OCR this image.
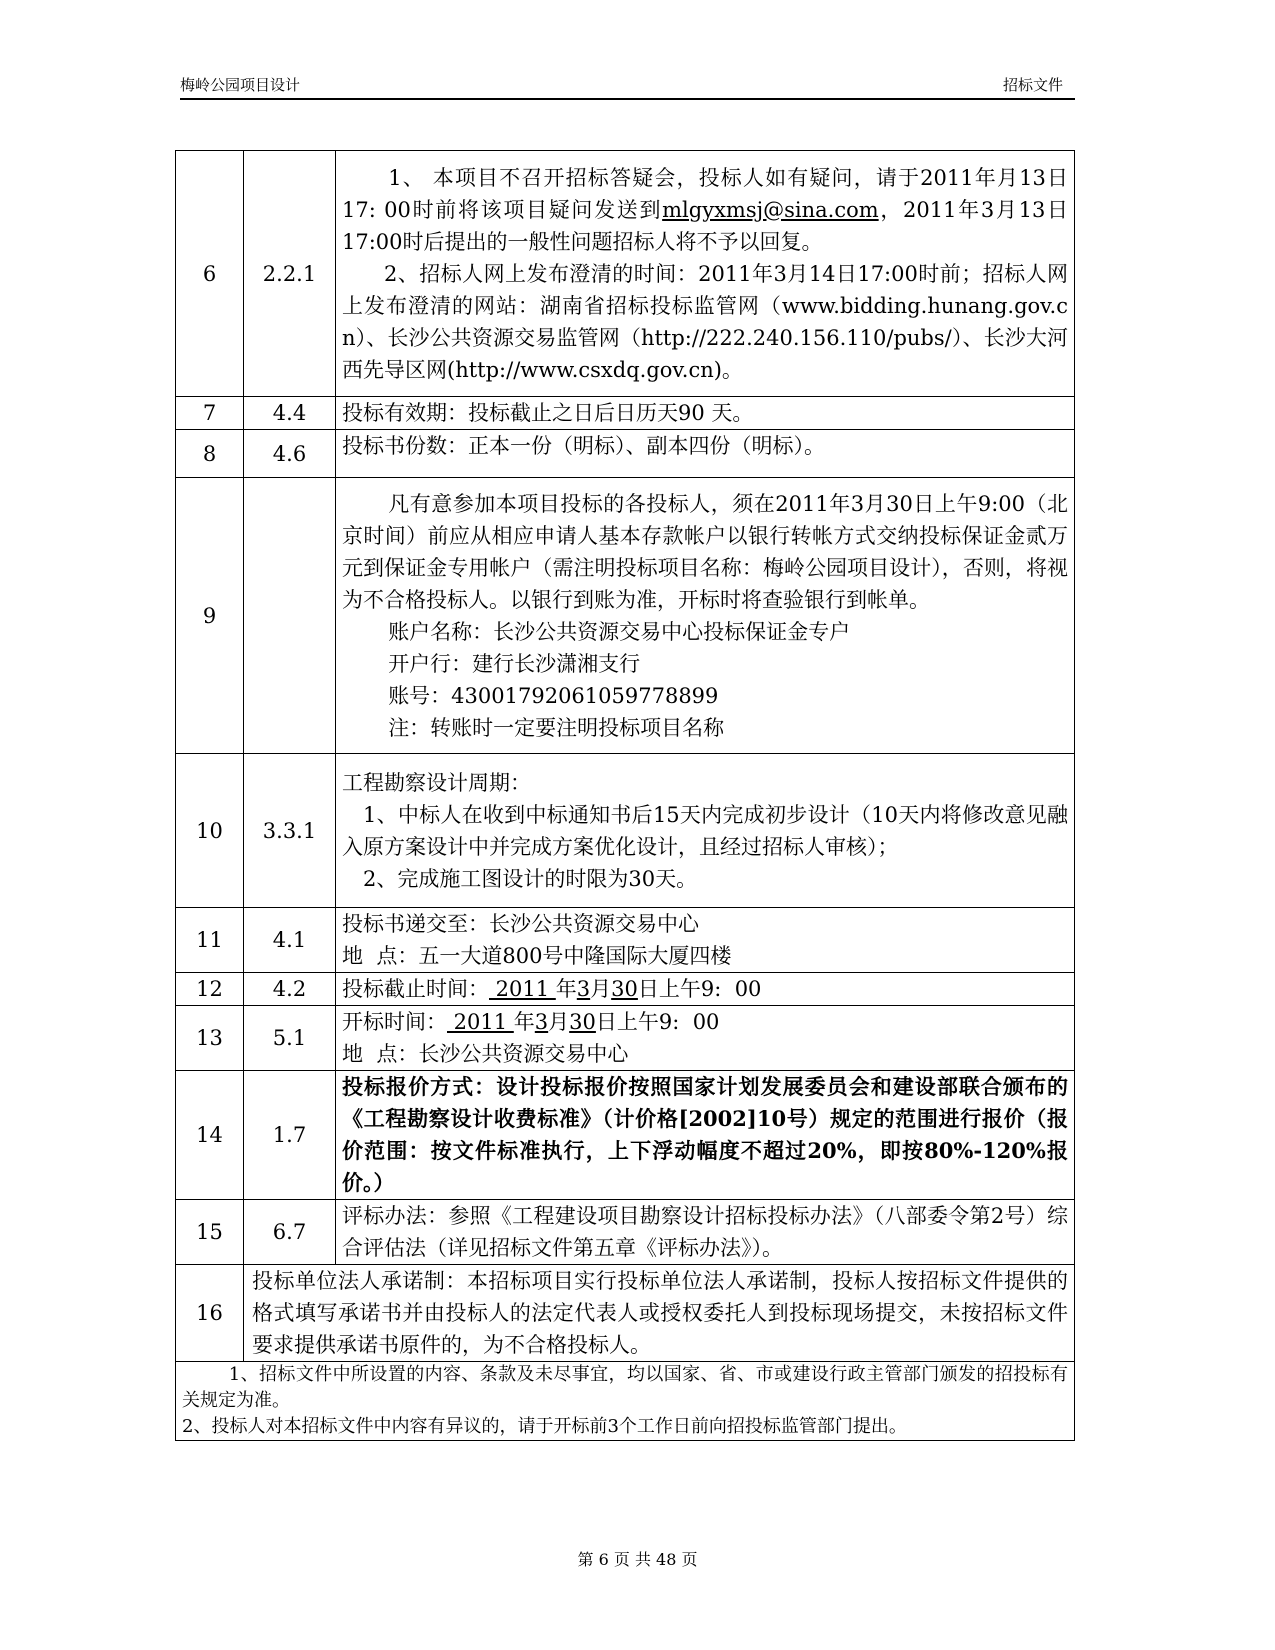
梅岭公园项目设计	招标文件
6	2.2.1	1、 本项目不召开招标答疑会，投标人如有疑问，请于2011年月13日17: 00时前将该项目疑问发送到mlgyxmsj@sina.com，2011年3月13日17:00时后提出的一般性问题招标人将不予以回复。
2、招标人网上发布澄清的时间：2011年3月14日17:00时前；招标人网上发布澄清的网站：湖南省招标投标监管网（www.bidding.hunang.gov.cn）、长沙公共资源交易监管网（http://222.240.156.110/pubs/）、长沙大河西先导区网(http://www.csxdq.gov.cn)。

7	4.4	投标有效期：投标截止之日后日历天90 天。
8	4.6	投标书份数：正本一份（明标）、副本四份（明标）。
9		凡有意参加本项目投标的各投标人，须在2011年3月30日上午9:00（北京时间）前应从相应申请人基本存款帐户以银行转帐方式交纳投标保证金贰万元到保证金专用帐户（需注明投标项目名称：梅岭公园项目设计），否则，将视为不合格投标人。以银行到账为准，开标时将查验银行到帐单。
账户名称：长沙公共资源交易中心投标保证金专户
开户行：建行长沙潇湘支行
账号：430017920610597788​99
注：转账时一定要注明投标项目名称

10	3.3.1	工程勘察设计周期：
1、中标人在收到中标通知书后15天内完成初步设计（10天内将修改意见融入原方案设计中并完成方案优化设计，且经过招标人审核）；
2、完成施工图设计的时限为30天。

11	4.1	投标书递交至：长沙公共资源交易中心
地  点：五一大道800号中隆国际大厦四楼

12	4.2	投标截止时间： 2011 年3月30日上午9:  00
13	5.1	开标时间： 2011 年3月30日上午9:  00
地  点：长沙公共资源交易中心

14	1.7	投标报价方式：设计投标报价按照国家计划发展委员会和建设部联合颁布的《工程勘察设计收费标准》（计价格[2002]10号）规定的范围进行报价（报价范围：按文件标准执行，上下浮动幅度不超过20%，即按80%-120%报价。）
15	6.7	评标办法：参照《工程建设项目勘察设计招标投标办法》（八部委令第2号）综合评估法（详见招标文件第五章《评标办法》）。
16	投标单位法人承诺制：本招标项目实行投标单位法人承诺制，投标人按招标文件提供的格式填写承诺书并由投标人的法定代表人或授权委托人到投标现场提交，未按招标文件要求提供承诺书原件的，为不合格投标人。	

1、招标文件中所设置的内容、条款及未尽事宜，均以国家、省、市或建设行政主管部门颁发的招投标有关规定为准。
2、投标人对本招标文件中内容有异议的，请于开标前3个工作日前向招投标监管部门提出。		
第 6 页 共 48 页
